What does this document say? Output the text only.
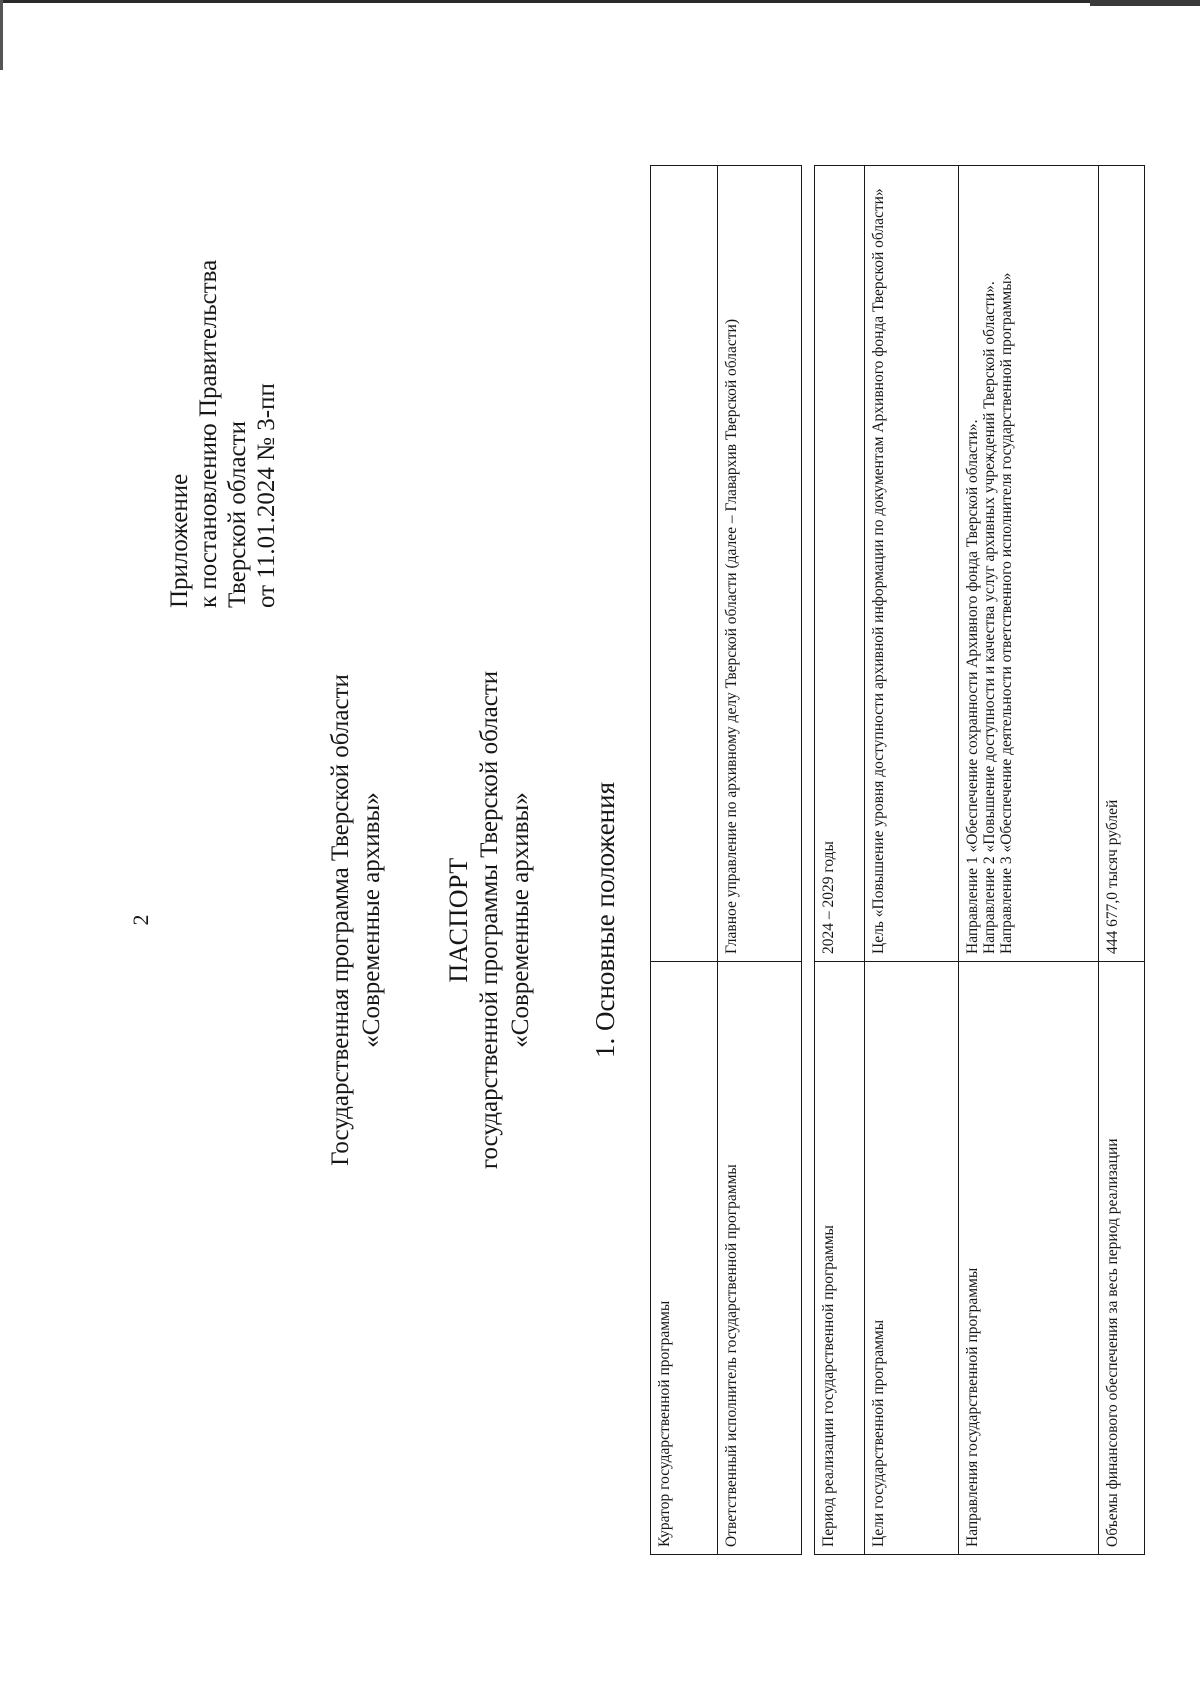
2
Приложение к постановлению Правительства Тверской области от 11.01.2024 № 3-пп
Государственная программа Тверской области «Современные архивы» ПАСПОРТ государственной программы Тверской области «Современные архивы» 1. Основные положения
Куратор государственной программы	
Ответственный исполнитель государственной программы	Главное управление по архивному делу Тверской области (далее – Главархив Тверской области)

Период реализации государственной программы	2024 – 2029 годы
Цели государственной программы	Цель «Повышение уровня доступности архивной информации по документам Архивного фонда Тверской области»
Направления государственной программы	Направление 1 «Обеспечение сохранности Архивного фонда Тверской области». Направление 2 «Повышение доступности и качества услуг архивных учреждений Тверской области». Направление 3 «Обеспечение деятельности ответственного исполнителя государственной программы»

Объемы финансового обеспечения за весь период реализации	444 677,0 тысяч рублей
